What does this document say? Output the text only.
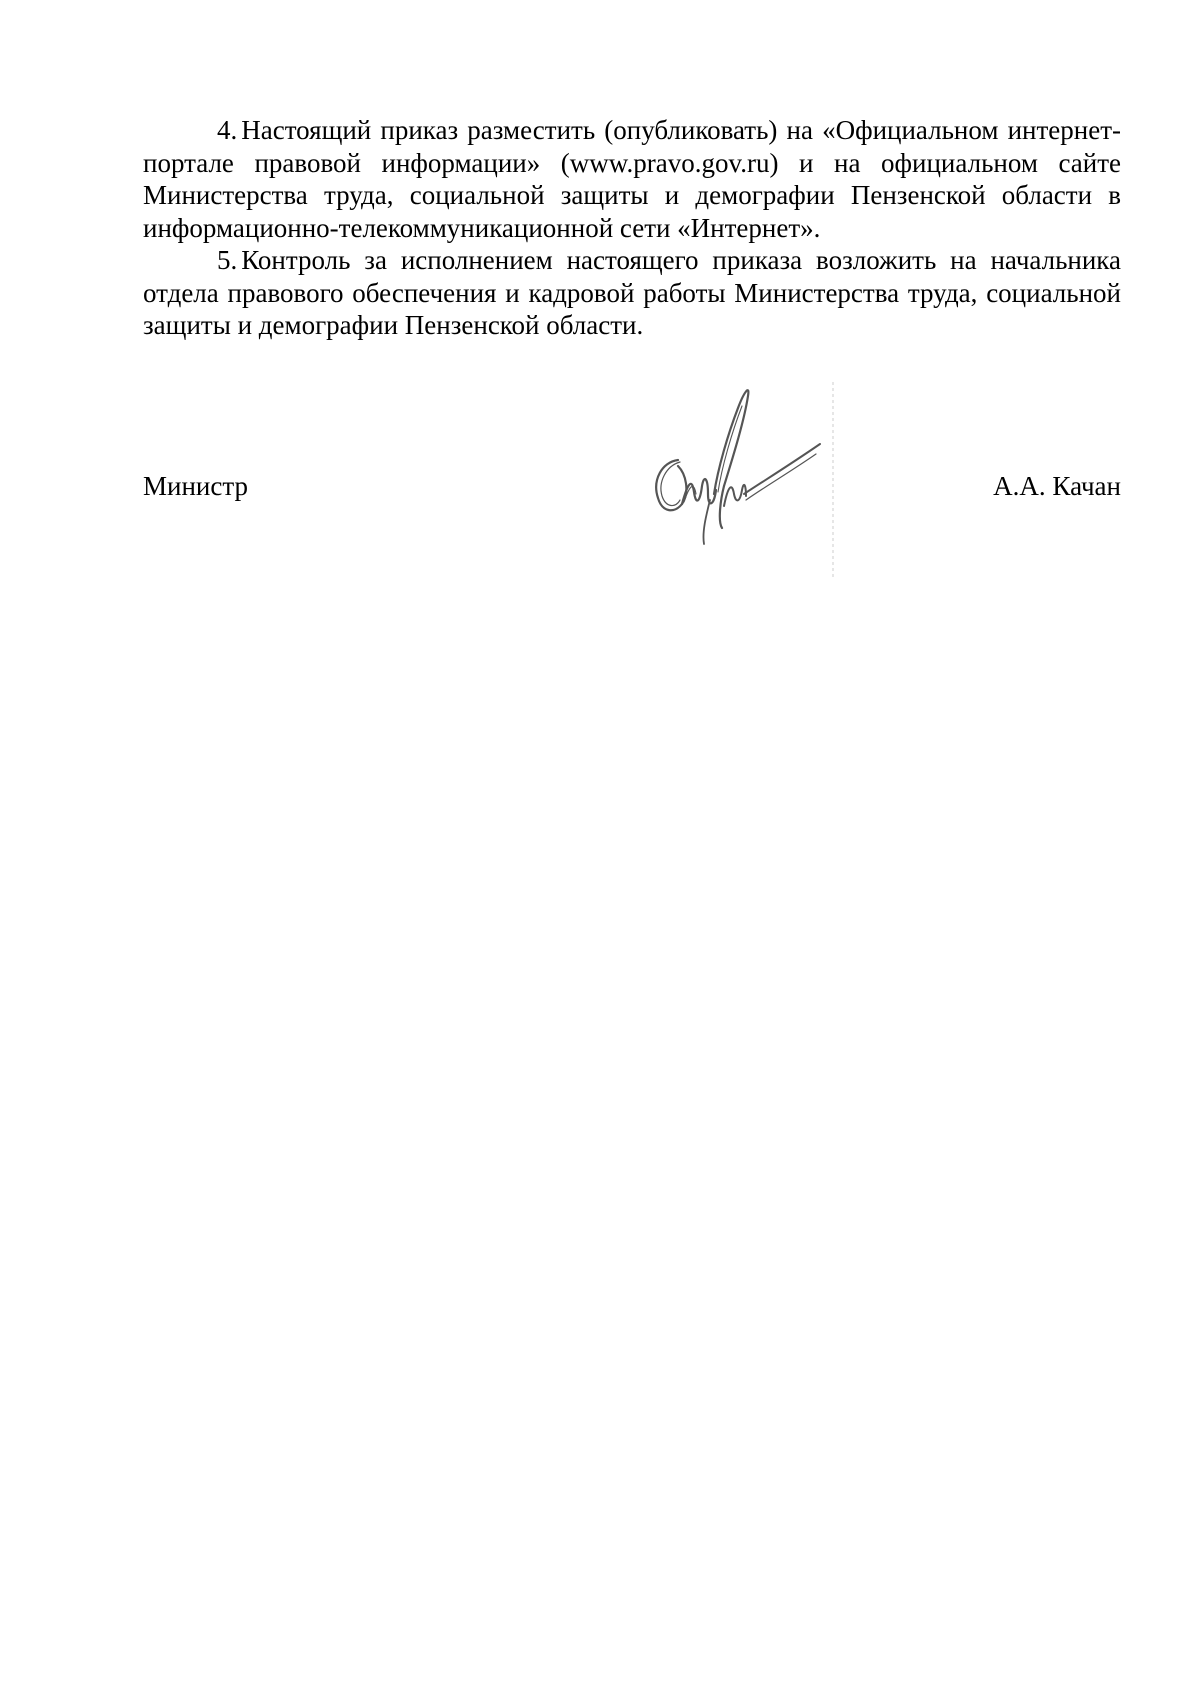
4. Настоящий приказ разместить (опубликовать) на «Официальном интернет-портале правовой информации» (www.pravo.gov.ru) и на официальном сайте Министерства труда, социальной защиты и демографии Пензенской области в информационно-телекоммуникационной сети «Интернет».

5. Контроль за исполнением настоящего приказа возложить на начальника отдела правового обеспечения и кадровой работы Министерства труда, социальной защиты и демографии Пензенской области.

Министр	А.А. Качан
